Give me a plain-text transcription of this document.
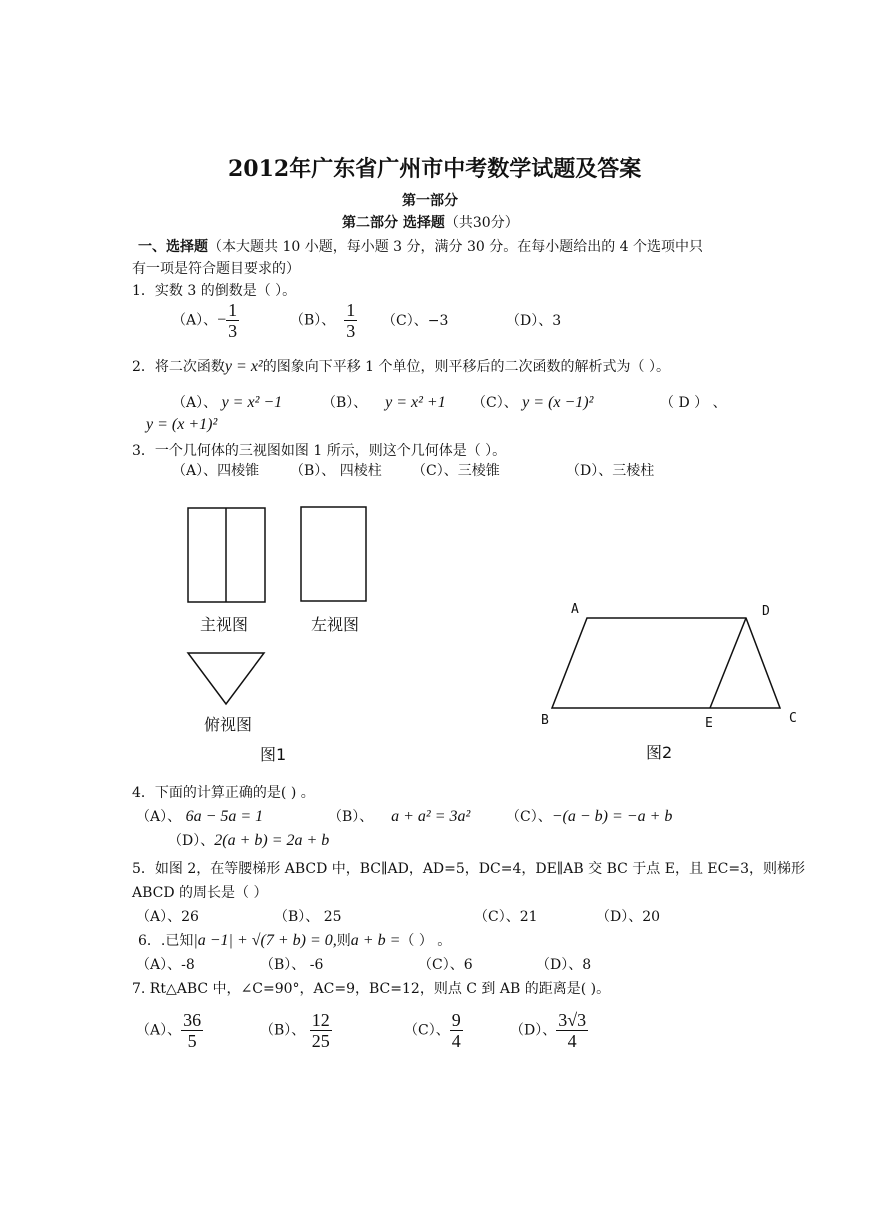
2012年广东省广州市中考数学试题及答案
第一部分
第二部分 选择题（共30分）
一、选择题（本大题共 10 小题，每小题 3 分，满分 30 分。在每小题给出的 4 个选项中只
有一项是符合题目要求的）
1．实数 3 的倒数是（ ）。
（A）、− $\frac{1}{3}$	（B）、 $\frac{1}{3} (C)$、−3	（D）、3
2．将二次函数y = x²的图象向下平移 1 个单位，则平移后的二次函数的解析式为（ ）。
（A）、 y = x² −1	（B）、 y = x² +1 （C）、 y = (x −1)²	（ D ） 、
y = (x +1)²
3．一个几何体的三视图如图 1 所示，则这个几何体是（ ）。
（A）、四棱锥 （B）、 四棱柱 （C）、三棱锥	（D）、三棱柱
主视图	左视图
俯视图
图1
A	D
B	E	C
图2
4．下面的计算正确的是( ) 。
（A）、 6a − 5a = 1	（B）、 a + a² = 3a²	（C）、−(a − b) = −a + b
（D）、2(a + b) = 2a + b
5．如图 2，在等腰梯形 ABCD 中，BC∥AD，AD=5，DC=4，DE∥AB 交 BC 于点 E，且 EC=3，则梯形
ABCD 的周长是（ ）
（A）、26	（B）、 25	（C）、21	（D）、20
6．.已知|a −1| + √(7 + b) = 0,则a + b =（ ） 。
（A）、-8	（B）、 -6	（C）、6	（D）、8
7. Rt△ABC 中，∠C=90°，AC=9，BC=12，则点 C 到 AB 的距离是( )。
（A）、 $\frac{36}{5}$	（B）、 $\frac{12}{25}$	（C）、 $\frac{9}{4}$	（D）、 $\frac{3√3}{4}$
